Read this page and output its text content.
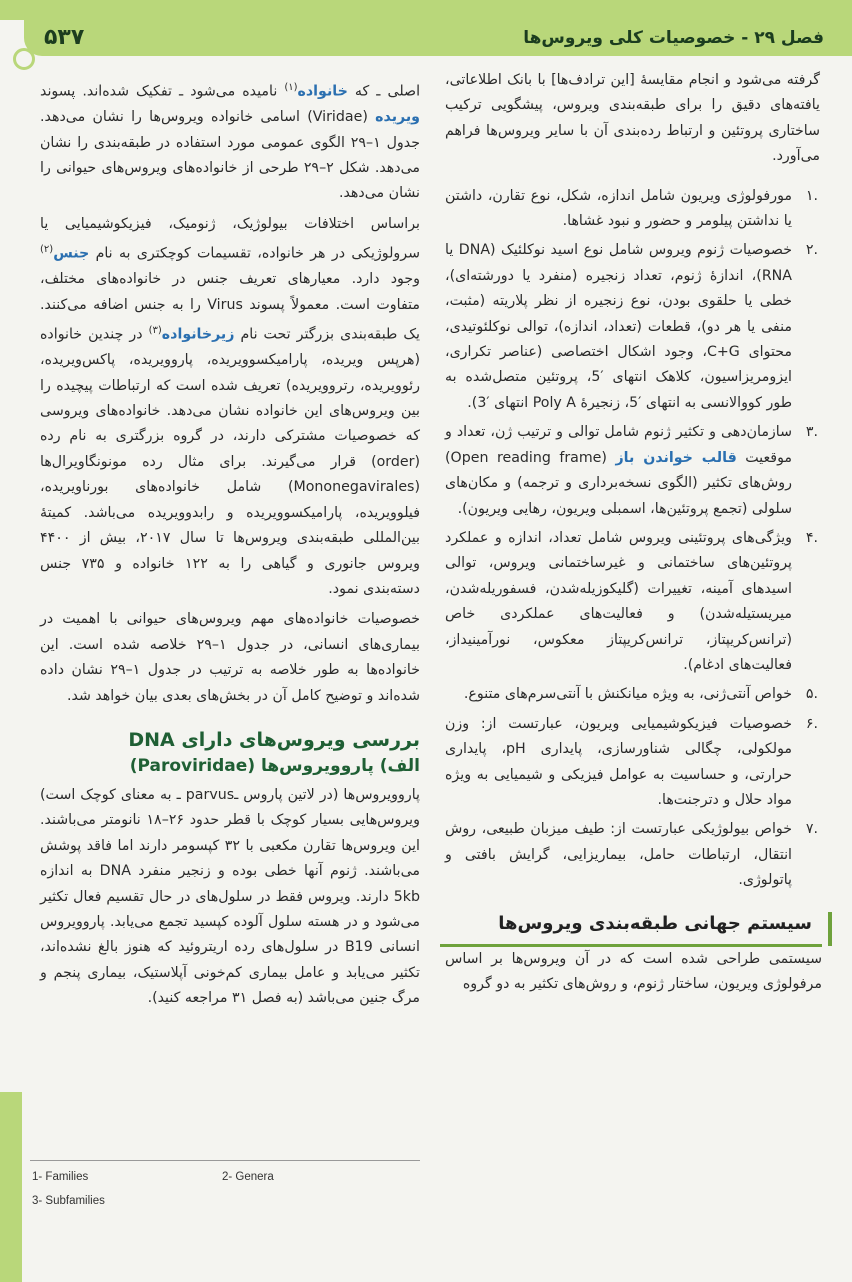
۵۳۷	فصل ۲۹ - خصوصیات کلی ویروس‌ها

گرفته می‌شود و انجام مقایسهٔ [این ترادف‌ها] با بانک اطلاعاتی، یافته‌های دقیق را برای طبقه‌بندی ویروس، پیشگویی ترکیب ساختاری پروتئین و ارتباط رده‌بندی آن با سایر ویروس‌ها فراهم می‌آورد.

۱.
مورفولوژی ویریون شامل اندازه، شکل، نوع تقارن، داشتن یا نداشتن پیلومر و حضور و نبود غشاها.
۲.
خصوصیات ژنوم ویروس شامل نوع اسید نوکلئیک (DNA یا RNA)، اندازهٔ ژنوم، تعداد زنجیره (منفرد یا دورشته‌ای)، خطی یا حلقوی بودن، نوع زنجیره از نظر پلاریته (مثبت، منفی یا هر دو)، قطعات (تعداد، اندازه)، توالی نوکلئوتیدی، محتوای C+G، وجود اشکال اختصاصی (عناصر تکراری، ایزومریزاسیون، کلاهک انتهای ′5، پروتئین متصل‌شده به طور کووالانسی به انتهای ′5، زنجیرهٔ Poly A انتهای ′3).
۳.
سازمان‌دهی و تکثیر ژنوم شامل توالی و ترتیب ژن، تعداد و موقعیت قالب خواندن باز (Open reading frame) روش‌های تکثیر (الگوی نسخه‌برداری و ترجمه) و مکان‌های سلولی (تجمع پروتئین‌ها، اسمبلی ویریون، رهایی ویریون).
۴.
ویژگی‌های پروتئینی ویروس شامل تعداد، اندازه و عملکرد پروتئین‌های ساختمانی و غیرساختمانی ویروس، توالی اسیدهای آمینه، تغییرات (گلیکوزیله‌شدن، فسفوریله‌شدن، میریستیله‌شدن) و فعالیت‌های عملکردی خاص (ترانس‌کریپتاز، ترانس‌کریپتاز معکوس، نورآمینیداز، فعالیت‌های ادغام).
۵.
خواص آنتی‌ژنی، به ویژه میانکنش با آنتی‌سرم‌های متنوع.
۶.
خصوصیات فیزیکوشیمیایی ویریون، عبارتست از: وزن مولکولی، چگالی شناورسازی، پایداری pH، پایداری حرارتی، و حساسیت به عوامل فیزیکی و شیمیایی به ویژه مواد حلال و دترجنت‌ها.
۷.
خواص بیولوژیکی عبارتست از: طیف میزبان طبیعی، روش انتقال، ارتباطات حامل، بیماریزایی، گرایش بافتی و پاتولوژی.
سیستم جهانی طبقه‌بندی ویروس‌ها

سیستمی طراحی شده است که در آن ویروس‌ها بر اساس مرفولوژی ویریون، ساختار ژنوم، و روش‌های تکثیر به دو گروه

اصلی ـ که خانواده$^{(۱)}$ نامیده می‌شود ـ تفکیک شده‌اند. پسوند ویریده (Viridae) اسامی خانواده ویروس‌ها را نشان می‌دهد. جدول ۱–۲۹ الگوی عمومی مورد استفاده در طبقه‌بندی را نشان می‌دهد. شکل ۲–۲۹ طرحی از خانواده‌های ویروس‌های حیوانی را نشان می‌دهد.

براساس اختلافات بیولوژیک، ژنومیک، فیزیکوشیمیایی یا سرولوژیکی در هر خانواده، تقسیمات کوچکتری به نام جنس$^{(۲)}$ وجود دارد. معیارهای تعریف جنس در خانواده‌های مختلف، متفاوت است. معمولاً پسوند Virus را به جنس اضافه می‌کنند. یک طبقه‌بندی بزرگتر تحت نام زیرخانواده$^{(۳)}$ در چندین خانواده (هرپس ویریده، پارامیکسوویریده، پاروویریده، پاکس‌ویریده، رئوویریده، رتروویریده) تعریف شده است که ارتباطات پیچیده را بین ویروس‌های این خانواده نشان می‌دهد. خانواده‌های ویروسی که خصوصیات مشترکی دارند، در گروه بزرگتری به نام رده (order) قرار می‌گیرند. برای مثال رده مونونگاویرال‌ها (Mononegavirales) شامل خانواده‌های بورناویریده، فیلوویریده، پارامیکسوویریده و رابدوویریده می‌باشد. کمیتهٔ بین‌المللی طبقه‌بندی ویروس‌ها تا سال ۲۰۱۷، بیش از ۴۴۰۰ ویروس جانوری و گیاهی را به ۱۲۲ خانواده و ۷۳۵ جنس دسته‌بندی نمود.

خصوصیات خانواده‌های مهم ویروس‌های حیوانی با اهمیت در بیماری‌های انسانی، در جدول ۱–۲۹ خلاصه شده است. این خانواده‌ها به طور خلاصه به ترتیب در جدول ۱–۲۹ نشان داده شده‌اند و توضیح کامل آن در بخش‌های بعدی بیان خواهد شد.

بررسی ویروس‌های دارای DNA
الف) پاروویروس‌ها (Paroviridae)

پاروویروس‌ها (در لاتین پاروس ـparvus ـ به معنای کوچک است) ویروس‌هایی بسیار کوچک با قطر حدود ۲۶–۱۸ نانومتر می‌باشند. این ویروس‌ها تقارن مکعبی با ۳۲ کپسومر دارند اما فاقد پوشش می‌باشند. ژنوم آنها خطی بوده و زنجیر منفرد DNA به اندازه 5kb دارند. ویروس فقط در سلول‌های در حال تقسیم فعال تکثیر می‌شود و در هسته سلول آلوده کپسید تجمع می‌یابد. پاروویروس انسانی B19 در سلول‌های رده اریتروئید که هنوز بالغ نشده‌اند، تکثیر می‌یابد و عامل بیماری کم‌خونی آپلاستیک، بیماری پنجم و مرگ جنین می‌باشد (به فصل ۳۱ مراجعه کنید).

1- Families	2- Genera
3- Subfamilies
